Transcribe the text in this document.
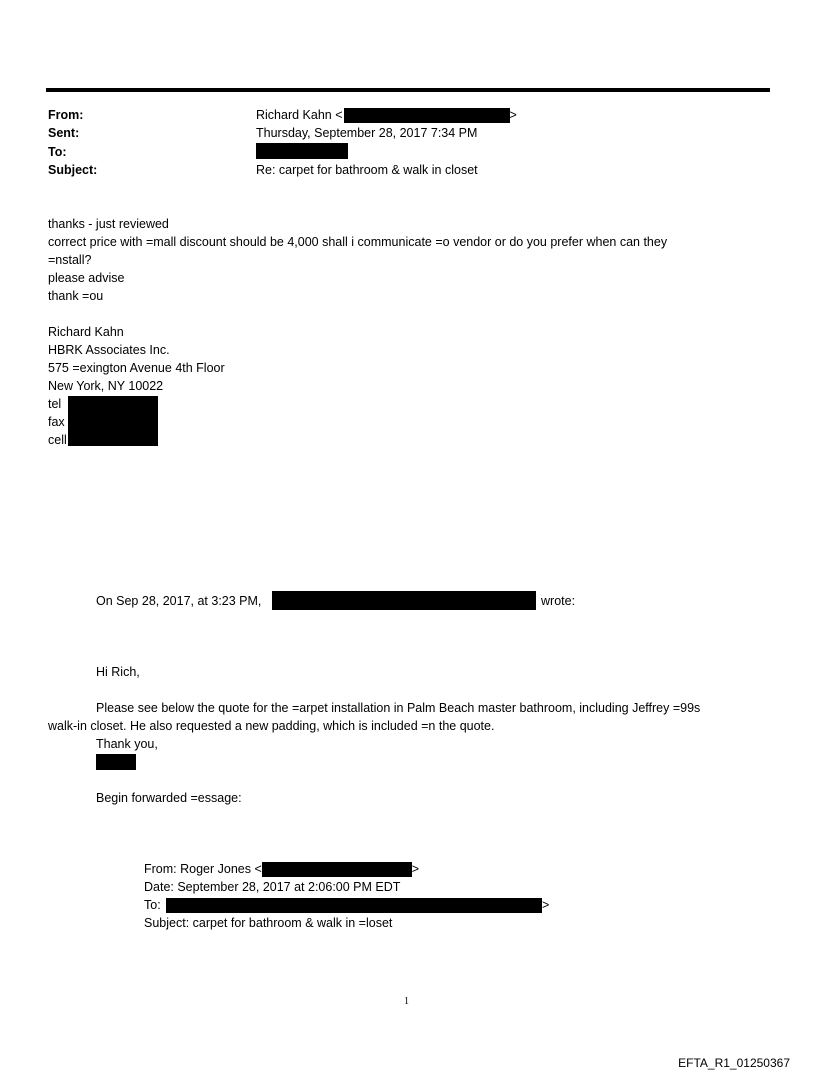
From:	Richard Kahn <	>
Sent:	Thursday, September 28, 2017 7:34 PM
To:
Subject:	Re: carpet for bathroom & walk in closet
thanks - just reviewed
correct price with =mall discount should be 4,000 shall i communicate =o vendor or do you prefer when can they
=nstall?
please advise
thank =ou
Richard Kahn
HBRK Associates Inc.
575 =exington Avenue 4th Floor
New York, NY 10022
tel
fax
cell
On Sep 28, 2017, at 3:23 PM,	wrote:
Hi Rich,
Please see below the quote for the =arpet installation in Palm Beach master bathroom, including Jeffrey =99s
walk-in closet. He also requested a new padding, which is included =n the quote.
Thank you,
Begin forwarded =essage:
From: Roger Jones <	>
Date: September 28, 2017 at 2:06:00 PM EDT
To:	>
Subject: carpet for bathroom & walk in =loset
1
EFTA_R1_01250367
